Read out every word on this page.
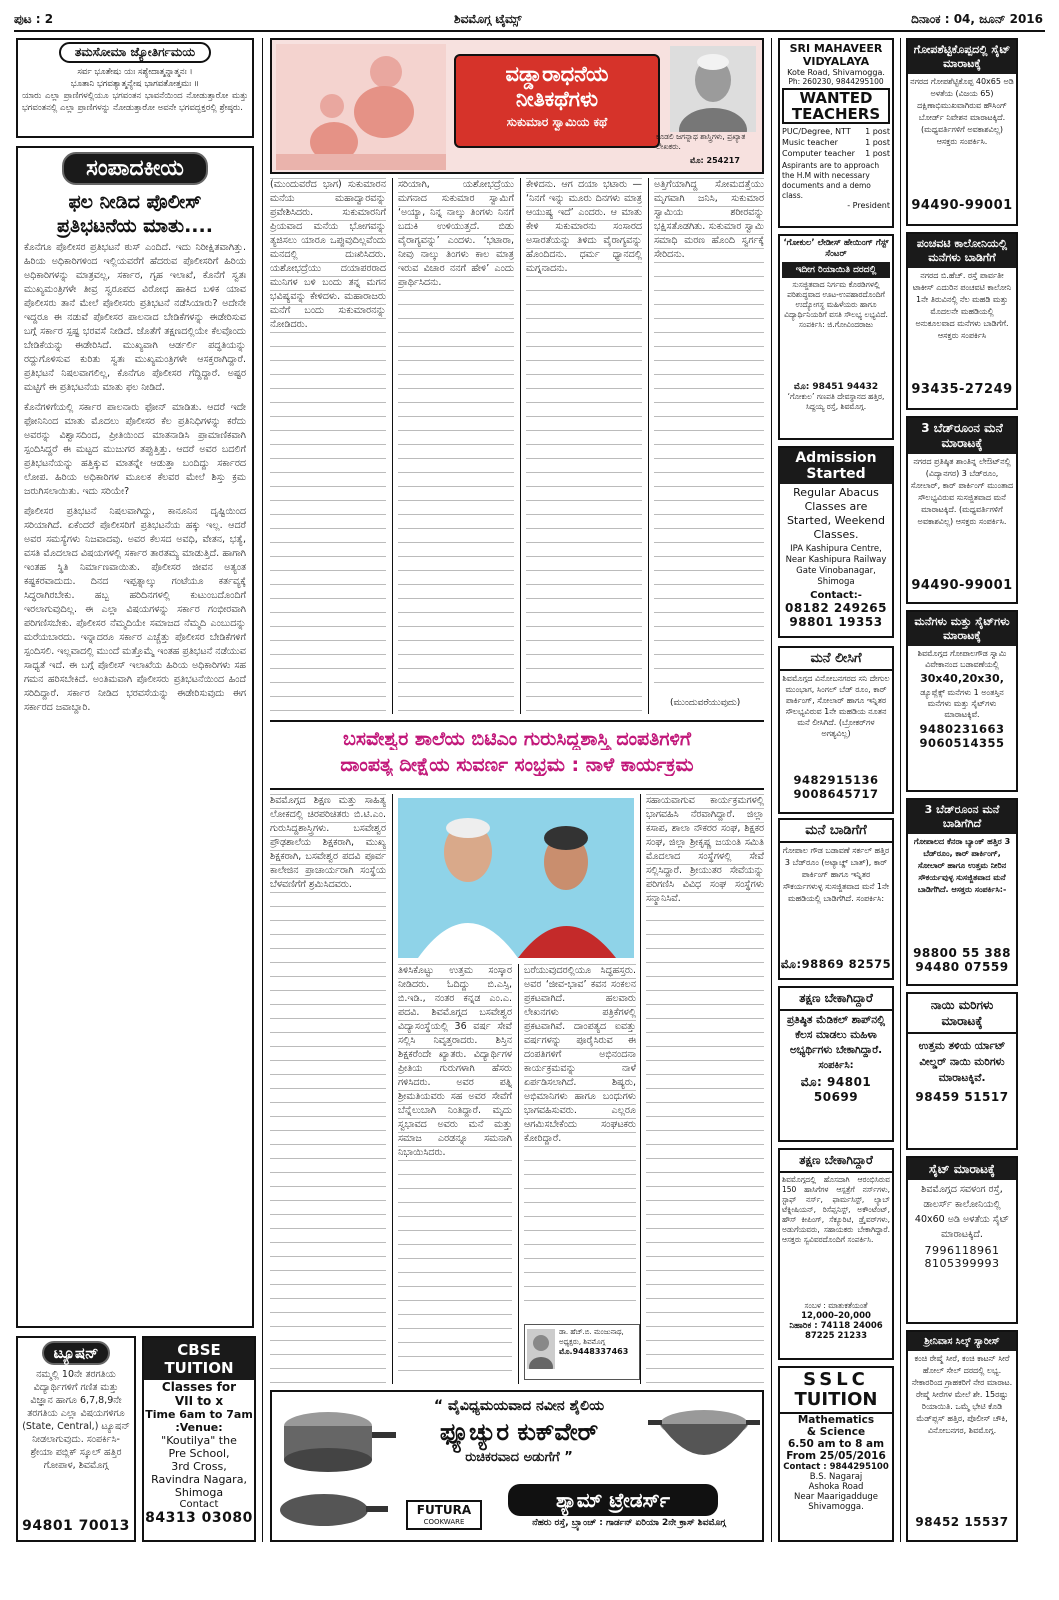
ಪುಟ : 2	ಶಿವಮೊಗ್ಗ ಟೈಮ್ಸ್	ದಿನಾಂಕ : 04, ಜೂನ್ 2016
ತಮಸೋಮಾ ಜ್ಯೋತಿರ್ಗಮಯ
ಸರ್ವ ಭೂತೇಷು ಯಃ ಸಶ್ಯೇದಾತ್ಮನ್ನಾತ್ಮನಃ ।
ಭೂತಾನಿ ಭಗವತ್ಯಾತ್ಮನ್ಯೇಷ ಭಾಗವತೋತ್ತಮಃ ॥
ಯಾರು ಎಲ್ಲಾ ಪ್ರಾಣಿಗಳಲ್ಲಿಯೂ ಭಗವಂತನ ಭಾವನೆಯಿಂದ ನೋಡುತ್ತಾರೋ ಮತ್ತು ಭಗವಂತನಲ್ಲಿ ಎಲ್ಲಾ ಪ್ರಾಣಿಗಳನ್ನು ನೋಡುತ್ತಾರೋ ಅವನೇ ಭಗವದ್ಭಕ್ತರಲ್ಲಿ ಶ್ರೇಷ್ಠರು.
ಸಂಪಾದಕೀಯ
ಫಲ ನೀಡಿದ ಪೊಲೀಸ್
ಪ್ರತಿಭಟನೆಯ ಮಾತು....
ಕೊನೆಗೂ ಪೊಲೀಸರ ಪ್ರತಿಭಟನೆ ಠುಸ್ ಎಂದಿದೆ. ಇದು ನಿರೀಕ್ಷಿತವಾಗಿತ್ತು. ಹಿರಿಯ ಅಧಿಕಾರಿಗಳಿಂದ ಇಲ್ಲಿಯವರೆಗೆ ಹೆದರುವ ಪೊಲೀಸರಿಗೆ ಹಿರಿಯ ಅಧಿಕಾರಿಗಳನ್ನು ಮಾತ್ರವಲ್ಲ, ಸರ್ಕಾರ, ಗೃಹ ಇಲಾಖೆ, ಕೊನೆಗೆ ಸ್ವತಃ ಮುಖ್ಯಮಂತ್ರಿಗಳೇ ತೀವ್ರ ಸ್ವರೂಪದ ವಿರೋಧ ಹಾಕಿದ ಬಳಿಕ ಯಾವ ಪೊಲೀಸರು ತಾನೆ ಮೇಲೆ ಪೊಲೀಸರು ಪ್ರತಿಭಟನೆ ನಡೆಸಿಯಾರು? ಅದೇನೇ ಇದ್ದರೂ ಈ ನಡುವೆ ಪೊಲೀಸರ ಪಾಲನಾದ ಬೇಡಿಕೆಗಳನ್ನು ಈಡೇರಿಸುವ ಬಗ್ಗೆ ಸರ್ಕಾರ ಸ್ಪಷ್ಟ ಭರವಸೆ ನೀಡಿದೆ. ಜೊತೆಗೆ ತಕ್ಷಣದಲ್ಲಿಯೇ ಕೆಲವೊಂದು ಬೇಡಿಕೆಯನ್ನು ಈಡೇರಿಸಿದೆ. ಮುಖ್ಯವಾಗಿ ಆರ್ಡರ್ಲಿ ಪದ್ಧತಿಯನ್ನು ರದ್ದುಗೊಳಿಸುವ ಕುರಿತು ಸ್ವತಃ ಮುಖ್ಯಮಂತ್ರಿಗಳೇ ಆಸಕ್ತರಾಗಿದ್ದಾರೆ. ಪ್ರತಿಭಟನೆ ನಿಷಲವಾಗಲಿಲ್ಲ, ಕೊನೆಗೂ ಪೊಲೀಸರ ಗೆದ್ದಿದ್ದಾರೆ. ಅಷ್ಟರ ಮಟ್ಟಿಗೆ ಈ ಪ್ರತಿಭಟನೆಯ ಮಾತು ಫಲ ನೀಡಿದೆ.
ಕೊನೆಗಳಿಗೆಯಲ್ಲಿ ಸರ್ಕಾರ ಪಾಲನಾರು ಫೋನ್ ಮಾಡಿತು. ಆದರೆ ಇದೇ ಫೋನಿನಿಂದ ಮಾತು ಮೊದಲು ಪೊಲೀಸರ ಕೆಲ ಪ್ರತಿನಿಧಿಗಳನ್ನು ಕರೆದು ಅವರನ್ನು ವಿಶ್ವಾಸದಿಂದ, ಪ್ರೀತಿಯಿಂದ ಮಾತನಾಡಿಸಿ ಪ್ರಾಮಾಣಿಕವಾಗಿ ಸ್ಪಂದಿಸಿದ್ದರೆ ಈ ಮಟ್ಟದ ಮುಜುಗರ ತಪ್ಪುತ್ತಿತ್ತು. ಆದರೆ ಅವರ ಬದಲಿಗೆ ಪ್ರತಿಭಟನೆಯನ್ನು ಹತ್ತಿಕ್ಕುವ ಮಾತನ್ನೇ ಆಡುತ್ತಾ ಬಂದಿದ್ದು ಸರ್ಕಾರದ ಲೋಪ. ಹಿರಿಯ ಅಧಿಕಾರಿಗಳ ಮೂಲಕ ಕೆಲವರ ಮೇಲೆ ಶಿಸ್ತು ಕ್ರಮ ಜರುಗಿಸಲಾಯಿತು. ಇದು ಸರಿಯೇ?
ಪೊಲೀಸರ ಪ್ರತಿಭಟನೆ ನಿಷಲವಾಗಿದ್ದು, ಕಾನೂನಿನ ದೃಷ್ಟಿಯಿಂದ ಸರಿಯಾಗಿದೆ. ಏಕೆಂದರೆ ಪೊಲೀಸರಿಗೆ ಪ್ರತಿಭಟನೆಯ ಹಕ್ಕು ಇಲ್ಲ. ಆದರೆ ಅವರ ಸಮಸ್ಯೆಗಳು ನಿಜವಾದವು. ಅವರ ಕೆಲಸದ ಅವಧಿ, ವೇತನ, ಭತ್ಯೆ, ವಸತಿ ಮೊದಲಾದ ವಿಷಯಗಳಲ್ಲಿ ಸರ್ಕಾರ ತಾರತಮ್ಯ ಮಾಡುತ್ತಿದೆ. ಹಾಗಾಗಿ ಇಂತಹ ಸ್ಥಿತಿ ನಿರ್ಮಾಣವಾಯಿತು. ಪೊಲೀಸರ ಜೀವನ ಅತ್ಯಂತ ಕಷ್ಟಕರವಾದುದು. ದಿನದ ಇಪ್ಪತ್ನಾಲ್ಕು ಗಂಟೆಯೂ ಕರ್ತವ್ಯಕ್ಕೆ ಸಿದ್ಧರಾಗಿರಬೇಕು. ಹಬ್ಬ ಹರಿದಿನಗಳಲ್ಲಿ ಕುಟುಂಬದೊಂದಿಗೆ ಇರಲಾಗುವುದಿಲ್ಲ. ಈ ಎಲ್ಲಾ ವಿಷಯಗಳನ್ನು ಸರ್ಕಾರ ಗಂಭೀರವಾಗಿ ಪರಿಗಣಿಸಬೇಕು. ಪೊಲೀಸರ ನೆಮ್ಮದಿಯೇ ಸಮಾಜದ ನೆಮ್ಮದಿ ಎಂಬುದನ್ನು ಮರೆಯಬಾರದು. ಇನ್ನಾದರೂ ಸರ್ಕಾರ ಎಚ್ಚೆತ್ತು ಪೊಲೀಸರ ಬೇಡಿಕೆಗಳಿಗೆ ಸ್ಪಂದಿಸಲಿ. ಇಲ್ಲವಾದಲ್ಲಿ ಮುಂದೆ ಮತ್ತೊಮ್ಮೆ ಇಂತಹ ಪ್ರತಿಭಟನೆ ನಡೆಯುವ ಸಾಧ್ಯತೆ ಇದೆ. ಈ ಬಗ್ಗೆ ಪೊಲೀಸ್ ಇಲಾಖೆಯ ಹಿರಿಯ ಅಧಿಕಾರಿಗಳು ಸಹ ಗಮನ ಹರಿಸಬೇಕಿದೆ. ಅಂತಿಮವಾಗಿ ಪೊಲೀಸರು ಪ್ರತಿಭಟನೆಯಿಂದ ಹಿಂದೆ ಸರಿದಿದ್ದಾರೆ. ಸರ್ಕಾರ ನೀಡಿದ ಭರವಸೆಯನ್ನು ಈಡೇರಿಸುವುದು ಈಗ ಸರ್ಕಾರದ ಜವಾಬ್ದಾರಿ.
ಟ್ಯೂಷನ್
ನಮ್ಮಲ್ಲಿ 10ನೇ ತರಗತಿಯ ವಿದ್ಯಾರ್ಥಿಗಳಿಗೆ ಗಣಿತ ಮತ್ತು ವಿಜ್ಞಾನ ಹಾಗೂ 6,7,8,9ನೇ ತರಗತಿಯ ಎಲ್ಲಾ ವಿಷಯಗಳಿಗೂ (State, Central,) ಟ್ಯೂಷನ್ ನೀಡಲಾಗುವುದು. ಸಂಪರ್ಕಿಸಿ- ಶ್ರೇಯಾ ಪಬ್ಲಿಕ್ ಸ್ಕೂಲ್ ಹತ್ತಿರ ಗೋಪಾಳ, ಶಿವಮೊಗ್ಗ
94801 70013
CBSE TUITION
Classes for
VII to x
Time 6am to 7am
:Venue:
"Koutilya" the
Pre School,
3rd Cross,
Ravindra Nagara,
Shimoga
Contact
84313 03080
ವಡ್ಡಾರಾಧನೆಯ
ನೀತಿಕಥೆಗಳು
ಸುಕುಮಾರ ಸ್ವಾಮಿಯ ಕಥೆ
ಕೂಡಲಿ ಜಗನ್ನಾಥ ಶಾಸ್ತ್ರಿಗಳು, ಪ್ರಖ್ಯಾತ ಲೇಖಕರು.
ಮೊ: 254217
(ಮುಂದುವರೆದ ಭಾಗ) ಸುಕುಮಾರನ ಮನೆಯ ಮಹಾದ್ವಾರವನ್ನು ಪ್ರವೇಶಿಸಿದರು. ಸುಕುಮಾರನಿಗೆ ಪ್ರಿಯವಾದ ಮನೆಯ ಭೋಗವನ್ನು ತ್ಯಜಿಸಲು ಯಾರೂ ಒಪ್ಪುವುದಿಲ್ಲವೆಂದು ಮನದಲ್ಲಿ ದುಃಖಿಸಿದರು. ಯಶೋಭದ್ರೆಯು ದಯಾಪರರಾದ ಮುನಿಗಳ ಬಳಿ ಬಂದು ತನ್ನ ಮಗನ ಭವಿಷ್ಯವನ್ನು ಕೇಳಿದಳು. ಮಹಾರಾಜರು ಮನೆಗೆ ಬಂದು ಸುಕುಮಾರನನ್ನು ನೋಡಿದರು.
ಸರಿಯಾಗಿ, ಯಶೋಭದ್ರೆಯು ಮಗನಾದ ಸುಕುಮಾರ ಸ್ವಾಮಿಗೆ ‘ಅಯ್ಯಾ, ನಿನ್ನ ನಾಲ್ಕು ತಿಂಗಳು ನಿನಗೆ ಬದುಕಿ ಉಳಿಯುತ್ತದೆ. ಬಿಡು ವೈರಾಗ್ಯವನ್ನು’ ಎಂದಳು. ‘ಭಟಾರಾ, ನೀವು ನಾಲ್ಕು ತಿಂಗಳು ಕಾಲ ಮಾತ್ರ ಇರುವ ವಿಚಾರ ನನಗೆ ಹೇಳಿ’ ಎಂದು ಪ್ರಾರ್ಥಿಸಿದನು.
ಕೇಳಿದನು. ಆಗ ದಯಾ ಭಟಾರು — ‘ನಿನಗೆ ಇನ್ನು ಮೂರು ದಿನಗಳು ಮಾತ್ರ ಆಯುಷ್ಯ ಇದೆ’ ಎಂದರು. ಆ ಮಾತು ಕೇಳಿ ಸುಕುಮಾರನು ಸಂಸಾರದ ಅಸಾರತೆಯನ್ನು ತಿಳಿದು ವೈರಾಗ್ಯವನ್ನು ಹೊಂದಿದನು. ಧರ್ಮ ಧ್ಯಾನದಲ್ಲಿ ಮಗ್ನನಾದನು.
ಅತ್ತಿಗೆಯಾಗಿದ್ದ ಸೋಮದತ್ತೆಯು ಮೃಗವಾಗಿ ಜನಿಸಿ, ಸುಕುಮಾರ ಸ್ವಾಮಿಯ ಶರೀರವನ್ನು ಭಕ್ಷಿಸತೊಡಗಿತು. ಸುಕುಮಾರ ಸ್ವಾಮಿ ಸಮಾಧಿ ಮರಣ ಹೊಂದಿ ಸ್ವರ್ಗಕ್ಕೆ ಸೇರಿದನು.
(ಮುಂದುವರೆಯುವುದು)
ಬಸವೇಶ್ವರ ಶಾಲೆಯ ಬಿಟಿಎಂ ಗುರುಸಿದ್ದಶಾಸ್ತ್ರಿ ದಂಪತಿಗಳಿಗೆ
ದಾಂಪತ್ಯ ದೀಕ್ಷೆಯ ಸುವರ್ಣ ಸಂಭ್ರಮ : ನಾಳೆ ಕಾರ್ಯಕ್ರಮ
ಶಿವಮೊಗ್ಗದ ಶಿಕ್ಷಣ ಮತ್ತು ಸಾಹಿತ್ಯ ಲೋಕದಲ್ಲಿ ಚಿರಪರಿಚಿತರು ಬಿ.ಟಿ.ಎಂ. ಗುರುಸಿದ್ದಶಾಸ್ತ್ರಿಗಳು. ಬಸವೇಶ್ವರ ಪ್ರೌಢಶಾಲೆಯ ಶಿಕ್ಷಕರಾಗಿ, ಮುಖ್ಯ ಶಿಕ್ಷಕರಾಗಿ, ಬಸವೇಶ್ವರ ಪದವಿ ಪೂರ್ವ ಕಾಲೇಜಿನ ಪ್ರಾಚಾರ್ಯರಾಗಿ ಸಂಸ್ಥೆಯ ಬೆಳವಣಿಗೆಗೆ ಶ್ರಮಿಸಿದವರು.
ಸಹಾಯವಾಗುವ ಕಾರ್ಯಕ್ರಮಗಳಲ್ಲಿ ಭಾಗವಹಿಸಿ ನೆರವಾಗಿದ್ದಾರೆ. ಜಿಲ್ಲಾ ಕಸಾಪ, ಶಾಲಾ ನೌಕರರ ಸಂಘ, ಶಿಕ್ಷಕರ ಸಂಘ, ಜಿಲ್ಲಾ ಶ್ರೀಕೃಷ್ಣ ಜಯಂತಿ ಸಮಿತಿ ಮೊದಲಾದ ಸಂಸ್ಥೆಗಳಲ್ಲಿ ಸೇವೆ ಸಲ್ಲಿಸಿದ್ದಾರೆ. ಶ್ರೀಯುತರ ಸೇವೆಯನ್ನು ಪರಿಗಣಿಸಿ ವಿವಿಧ ಸಂಘ ಸಂಸ್ಥೆಗಳು ಸನ್ಮಾನಿಸಿವೆ.
ತಿಳಿಸಿಕೊಟ್ಟು ಉತ್ತಮ ಸಂಸ್ಕಾರ ನೀಡಿದರು. ಓದಿದ್ದು ಬಿ.ಎಸ್ಸಿ, ಬಿ.ಇಡಿ., ನಂತರ ಕನ್ನಡ ಎಂ.ಎ. ಪದವಿ. ಶಿವಮೊಗ್ಗದ ಬಸವೇಶ್ವರ ವಿದ್ಯಾಸಂಸ್ಥೆಯಲ್ಲಿ 36 ವರ್ಷ ಸೇವೆ ಸಲ್ಲಿಸಿ ನಿವೃತ್ತರಾದರು. ಶಿಸ್ತಿನ ಶಿಕ್ಷಕರೆಂದೇ ಖ್ಯಾತರು. ವಿದ್ಯಾರ್ಥಿಗಳ ಪ್ರೀತಿಯ ಗುರುಗಳಾಗಿ ಹೆಸರು ಗಳಿಸಿದರು. ಅವರ ಪತ್ನಿ ಶ್ರೀಮತಿಯವರು ಸಹ ಅವರ ಸೇವೆಗೆ ಬೆನ್ನೆಲುಬಾಗಿ ನಿಂತಿದ್ದಾರೆ. ಮೃದು ಸ್ವಭಾವದ ಅವರು ಮನೆ ಮತ್ತು ಸಮಾಜ ಎರಡನ್ನೂ ಸಮನಾಗಿ ನಿಭಾಯಿಸಿದರು.
ಬರೆಯುವುದರಲ್ಲಿಯೂ ಸಿದ್ಧಹಸ್ತರು. ಅವರ ‘ಜೀವ-ಭಾವ’ ಕವನ ಸಂಕಲನ ಪ್ರಕಟವಾಗಿದೆ. ಹಲವಾರು ಲೇಖನಗಳು ಪತ್ರಿಕೆಗಳಲ್ಲಿ ಪ್ರಕಟವಾಗಿವೆ. ದಾಂಪತ್ಯದ ಐವತ್ತು ವರ್ಷಗಳನ್ನು ಪೂರೈಸಿರುವ ಈ ದಂಪತಿಗಳಿಗೆ ಅಭಿನಂದನಾ ಕಾರ್ಯಕ್ರಮವನ್ನು ನಾಳೆ ಏರ್ಪಡಿಸಲಾಗಿದೆ. ಶಿಷ್ಯರು, ಅಭಿಮಾನಿಗಳು ಹಾಗೂ ಬಂಧುಗಳು ಭಾಗವಹಿಸುವರು. ಎಲ್ಲರೂ ಆಗಮಿಸಬೇಕೆಂದು ಸಂಘಟಕರು ಕೋರಿದ್ದಾರೆ.
ಡಾ. ಹೆಚ್.ಬಿ. ಮಂಜುನಾಥ, ಅಧ್ಯಕ್ಷರು, ಶಿವಮೊಗ್ಗ
ಮೊ.9448337463
“ ವೈವಿಧ್ಯಮಯವಾದ ನವೀನ ಶೈಲಿಯ
ಫ್ಯೂಚ್ಯುರ ಕುಕ್‌ವೇರ್
ರುಚಿಕರವಾದ ಅಡುಗೆಗೆ ”
FUTURA
COOKWARE
ಶ್ಯಾಮ್ ಟ್ರೇಡರ್ಸ್
ನೆಹರು ರಸ್ತೆ, ಬ್ರ್ಯಾಂಚ್ : ಗಾರ್ಡನ್ ಏರಿಯಾ 2ನೇ ಕ್ರಾಸ್ ಶಿವಮೊಗ್ಗ
SRI MAHAVEER
VIDYALAYA
Kote Road, Shivamogga.
Ph: 260230, 9844295100
WANTED
TEACHERS
PUC/Degree, NTT 1 post
Music teacher	1 post
Computer teacher 1 post
Aspirants are to approach the H.M with necessary documents and a demo class.
- President
‘ಗೋಕುಲ’ ಲೇಡೀಸ್ ಹೇಯಿಂಗ್ ಗೆಸ್ಟ್ ಸೆಂಟರ್
ಇದೀಗ ರಿಯಾಯಿತಿ ದರದಲ್ಲಿ
ಸುಸಜ್ಜಿತವಾದ ನಿರ್ಗಮ ಕೊಠಡಿಗಳಲ್ಲಿ ಪರಿಶುದ್ಧವಾದ ಊಟ-ಉಪಹಾರದೊಂದಿಗೆ ಉದ್ಯೋಗಸ್ಥ ಮಹಿಳೆಯರು ಹಾಗೂ ವಿದ್ಯಾರ್ಥಿನಿಯರಿಗೆ ವಸತಿ ಸೌಲಭ್ಯ ಲಭ್ಯವಿದೆ. ಸಂಪರ್ಕಿಸಿ: ಜಿ.ಗೋವಿಂದರಾಜು
ಮೊ: 98451 94432
‘ಗೋಕುಲ’ ಗಣಪತಿ ದೇವಸ್ಥಾನದ ಹತ್ತಿರ, ಸಿದ್ದಯ್ಯ ರಸ್ತೆ, ಶಿವಮೊಗ್ಗ.
Admission
Started
Regular Abacus Classes are Started, Weekend Classes.
IPA Kashipura Centre, Near Kashipura Railway Gate Vinobanagar, Shimoga
Contact:-
08182 249265
98801 19353
ಮನೆ ಲೀಸಿಗೆ
ಶಿವಮೊಗ್ಗದ ವಿನೋಬನಗರದ ಸನಿ ದೇಗುಲ ಮುಂಭಾಗ, ಸಿಂಗಲ್ ಬೆಡ್ ರೂಂ, ಕಾರ್ ಪಾರ್ಕಿಂಗ್, ಸೋಲಾರ್ ಹಾಗೂ ಇನ್ನಿತರ ಸೌಲಭ್ಯವಿರುವ 1ನೇ ಮಹಡಿಯ ನೂತನ ಮನೆ ಲೀಸಿಗಿದೆ. (ಬ್ರೋಕರ್‌ಗಳ ಅಗತ್ಯವಿಲ್ಲ)
9482915136
9008645717
ಮನೆ ಬಾಡಿಗೆಗೆ
ಗೋಪಾಲ ಗೌಡ ಬಡಾವಣೆ ಸರ್ಕಲ್ ಹತ್ತಿರ 3 ಬೆಡ್‌ರೂಂ (ಅಟ್ಯಾಚ್ಡ್ ಬಾತ್), ಕಾರ್ ಪಾರ್ಕಿಂಗ್ ಹಾಗೂ ಇನ್ನಿತರ ಸೌಕರ್ಯಗಳುಳ್ಳ ಸುಸಜ್ಜಿತವಾದ ಮನೆ 1ನೇ ಮಹಡಿಯಲ್ಲಿ ಬಾಡಿಗೆಗಿದೆ. ಸಂಪರ್ಕಿಸಿ:
ಮೊ:98869 82575
ತಕ್ಷಣ ಬೇಕಾಗಿದ್ದಾರೆ
ಪ್ರತಿಷ್ಠಿತ ಮೆಡಿಕಲ್ ಶಾಪ್‌ನಲ್ಲಿ ಕೆಲಸ ಮಾಡಲು ಮಹಿಳಾ ಅಭ್ಯರ್ಥಿಗಳು ಬೇಕಾಗಿದ್ದಾರೆ.
ಸಂಪರ್ಕಿಸಿ:
ಮೊ: 94801 50699
ತಕ್ಷಣ ಬೇಕಾಗಿದ್ದಾರೆ
ಶಿವಮೊಗ್ಗದಲ್ಲಿ ಹೊಸದಾಗಿ ಆರಂಭಿಸಿರುವ 150 ಹಾಸಿಗೆಗಳ ಆಸ್ಪತ್ರೆಗೆ ನರ್ಸ್‌ಗಳು, ಸ್ಟಾಫ್ ನರ್ಸ್, ಫಾರ್ಮಸಿಸ್ಟ್, ಲ್ಯಾಬ್ ಟೆಕ್ನೀಷಿಯನ್, ರಿಸೆಪ್ಷನಿಸ್ಟ್, ಅಕೌಂಟೆಂಟ್, ಹೌಸ್ ಕೀಪಿಂಗ್, ಸೆಕ್ಯೂರಿಟಿ, ಡ್ರೈವರ್‌ಗಳು, ಅಡುಗೆಯವರು, ಸಹಾಯಕರು ಬೇಕಾಗಿದ್ದಾರೆ. ಆಸಕ್ತರು ಸ್ವವಿವರದೊಂದಿಗೆ ಸಂಪರ್ಕಿಸಿ.
ಸಂಬಳ : ಮಾತುಕತೆಯಂತೆ
12,000–20,000
ನಿಹಾರಿಕ : 74118 24006
87225 21233
SSLC
TUITION
Mathematics
& Science
6.50 am to 8 am
From 25/05/2016
Contact : 9844295100
B.S. Nagaraj
Ashoka Road
Near Maarigadduge
Shivamogga.
ಗೋಪಶೆಟ್ಟಿಕೊಪ್ಪದಲ್ಲಿ ಸೈಟ್ ಮಾರಾಟಕ್ಕೆ
ನಗರದ ಗೋಪಶೆಟ್ಟಿಕೊಪ್ಪ 40x65 ಅಡಿ ಅಳತೆಯ (ವಿಜಯ 65) ದಕ್ಷಿಣಾಭಿಮುಖವಾಗಿರುವ ಹೌಸಿಂಗ್ ಬೋರ್ಡ್ ನಿವೇಶನ ಮಾರಾಟಕ್ಕಿದೆ. (ಮಧ್ಯವರ್ತಿಗಳಿಗೆ ಅವಕಾಶವಿಲ್ಲ) ಆಸಕ್ತರು ಸಂಪರ್ಕಿಸಿ.
94490-99001
ಪಂಚವಟಿ ಕಾಲೋನಿಯಲ್ಲಿ ಮನೆಗಳು ಬಾಡಿಗೆಗೆ
ನಗರದ ಬಿ.ಹೆಚ್. ರಸ್ತೆ ಪಾರ್ವತೀ ಟಾಕೀಸ್ ಎದುರಿನ ಪಂಚವಟಿ ಕಾಲೋನಿ 1ನೇ ತಿರುವಿನಲ್ಲಿ ನೆಲ ಮಹಡಿ ಮತ್ತು ಮೊದಲನೇ ಮಹಡಿಯಲ್ಲಿ ಅನುಕೂಲವಾದ ಮನೆಗಳು ಬಾಡಿಗೆಗೆ. ಆಸಕ್ತರು ಸಂಪರ್ಕಿಸಿ
93435-27249
3 ಬೆಡ್‌ರೂಂನ ಮನೆ ಮಾರಾಟಕ್ಕೆ
ನಗರದ ಪ್ರತಿಷ್ಠಿತ ಶಾಂತಿನ್ನ ಲೇಔಟ್‌ನಲ್ಲಿ (ವಿದ್ಯಾನಗರ) 3 ಬೆಡ್‌ರೂಂ, ಸೋಲಾರ್, ಕಾರ್ ಪಾರ್ಕಿಂಗ್ ಮುಂತಾದ ಸೌಲಭ್ಯವಿರುವ ಸುಸಜ್ಜಿತವಾದ ಮನೆ ಮಾರಾಟಕ್ಕಿದೆ. (ಮಧ್ಯವರ್ತಿಗಳಿಗೆ ಅವಕಾಶವಿಲ್ಲ) ಆಸಕ್ತರು ಸಂಪರ್ಕಿಸಿ.
94490-99001
ಮನೆಗಳು ಮತ್ತು ಸೈಟ್‌ಗಳು ಮಾರಾಟಕ್ಕೆ
ಶಿವಮೊಗ್ಗದ ಗೋಪಾಲಗೌಡ ಸ್ವಾಮಿ ವಿವೇಕಾನಂದ ಬಡಾವಣೆಯಲ್ಲಿ
30x40,20x30,
ಡ್ಯೂಪ್ಲೆಕ್ಸ್ ಮನೆಗಳು 1 ಅಂತಸ್ತಿನ ಮನೆಗಳು ಮತ್ತು ಸೈಟ್‌ಗಳು ಮಾರಾಟಕ್ಕಿವೆ.
9480231663
9060514355
3 ಬೆಡ್‌ರೂಂನ ಮನೆ ಬಾಡಿಗೆಗಿದೆ
ಗೋಪಾಲದ ಕೆನರಾ ಬ್ಯಾಂಕ್ ಹತ್ತಿರ 3 ಬೆಡ್‌ರೂಂ, ಕಾರ್ ಪಾರ್ಕಿಂಗ್, ಸೋಲಾರ್ ಹಾಗೂ ಉತ್ತಮ ನೀರಿನ ಸೌಕರ್ಯವುಳ್ಳ ಸುಸಜ್ಜಿತವಾದ ಮನೆ ಬಾಡಿಗೆಗಿದೆ. ಆಸಕ್ತರು ಸಂಪರ್ಕಿಸಿ:-
98800 55 388
94480 07559
ನಾಯಿ ಮರಿಗಳು ಮಾರಾಟಕ್ಕೆ
ಉತ್ತಮ ತಳಿಯ ರ್ಯಾಟ್ ವೀಲ್ಡರ್ ನಾಯಿ ಮರಿಗಳು ಮಾರಾಟಕ್ಕಿವೆ.
98459 51517
ಸೈಟ್ ಮಾರಾಟಕ್ಕೆ
ಶಿವಮೊಗ್ಗದ ಸವಳಂಗ ರಸ್ತೆ, ಡಾಲರ್ಸ್ ಕಾಲೋನಿಯಲ್ಲಿ 40x60 ಅಡಿ ಅಳತೆಯ ಸೈಟ್ ಮಾರಾಟಕ್ಕಿದೆ.
7996118961
8105399993
ಶ್ರೀನಿವಾಸ ಸಿಲ್ಕ್ ಸ್ಯಾರೀಸ್
ಕಂಚಿ ರೇಷ್ಮೆ ಸೀರೆ, ಕಂಚಿ ಕಾಟನ್ ಸೀರೆ ಹೋಲ್ ಸೇಲ್ ದರದಲ್ಲಿ ಲಭ್ಯ. ನೇಕಾರರಿಂದ ಗ್ರಾಹಕರಿಗೆ ನೇರ ಮಾರಾಟ. ರೇಷ್ಮೆ ಸೀರೆಗಳ ಮೇಲೆ ಶೇ. 15ರಷ್ಟು ರಿಯಾಯಿತಿ. ಒಮ್ಮೆ ಭೇಟಿ ಕೊಡಿ ಮೆಡ್‌ಪ್ಲಸ್ ಹತ್ತಿರ, ಪೊಲೀಸ್ ಚೌಕಿ, ವಿನೋಬನಗರ, ಶಿವಮೊಗ್ಗ.
98452 15537
